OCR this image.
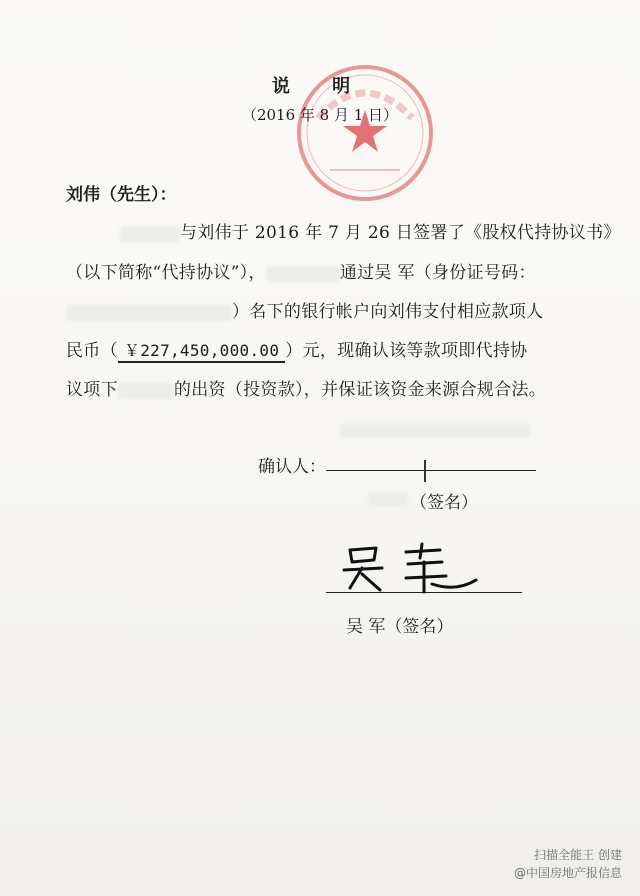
说 明
（2016 年 8 月 1 日）
刘伟（先生）：
与刘伟于 2016 年 7 月 26 日签署了《股权代持协议书》
（以下简称“代持协议”），	通过吴 军（身份证号码：
）名下的银行帐户向刘伟支付相应款项人
民币（ ￥227,450,000.00 ）元，现确认该等款项即代持协
议项下	的出资（投资款），并保证该资金来源合规合法。
确认人：
（签名）
吴 军（签名）
扫描全能王 创建
@中国房地产报信息
